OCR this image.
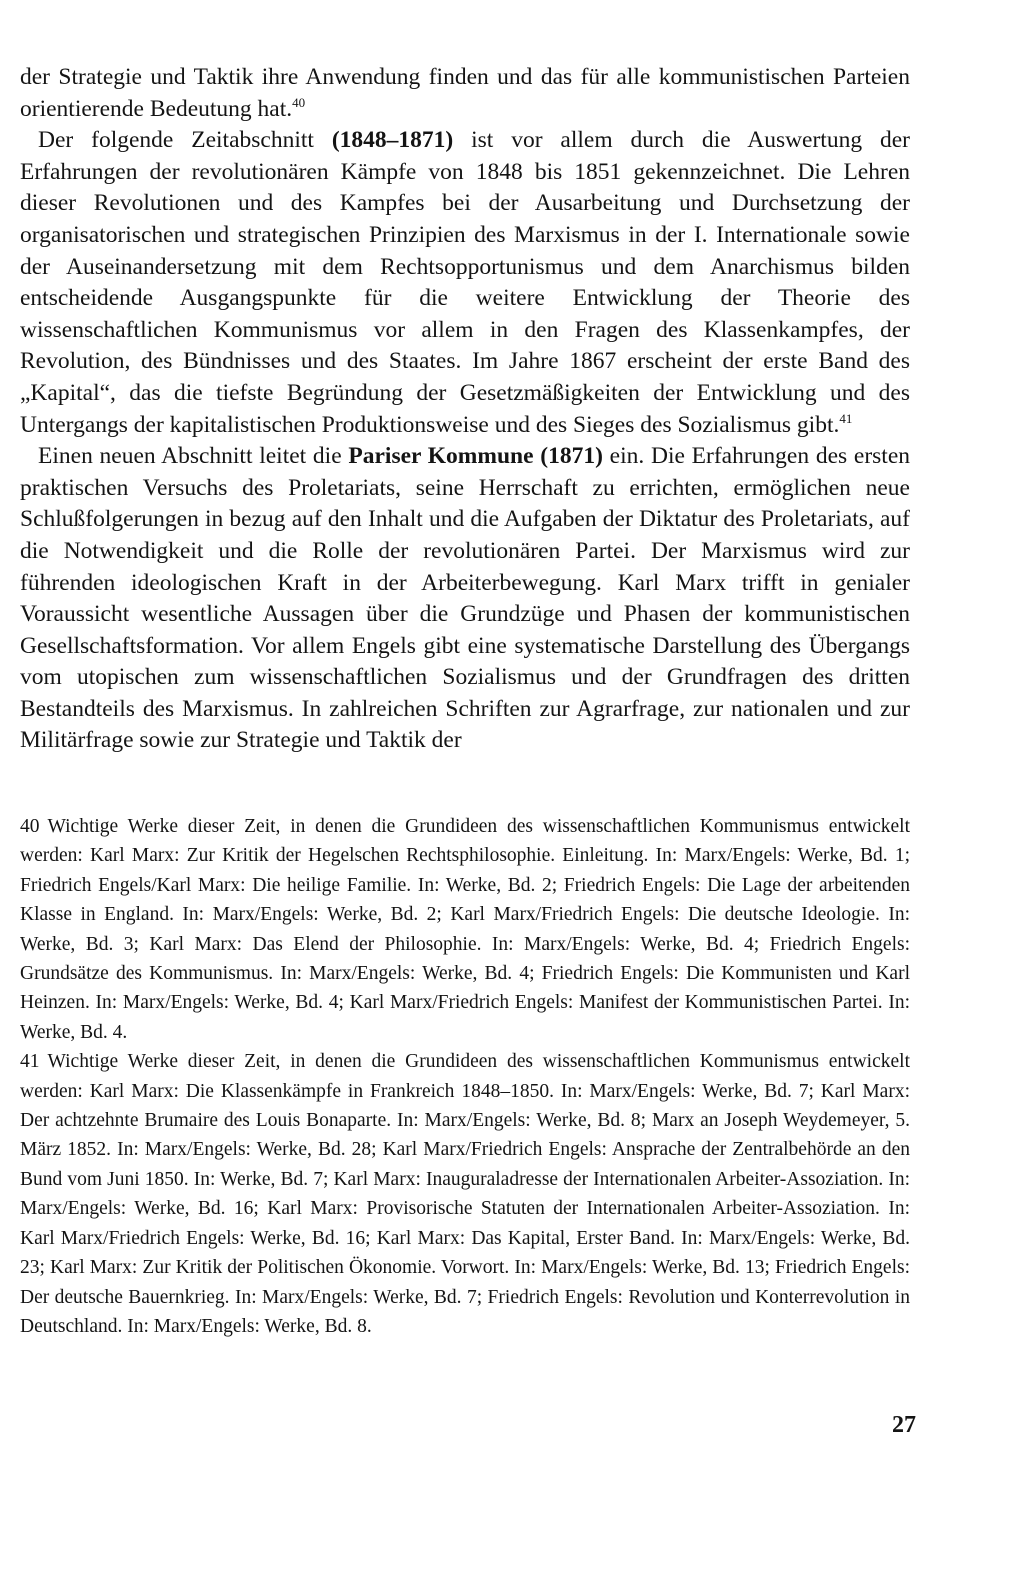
der Strategie und Taktik ihre Anwendung finden und das für alle kommunistischen Parteien orientierende Bedeutung hat.$^{40}$

Der folgende Zeitabschnitt (1848–1871) ist vor allem durch die Auswertung der Erfahrungen der revolutionären Kämpfe von 1848 bis 1851 gekennzeichnet. Die Lehren dieser Revolutionen und des Kampfes bei der Ausarbeitung und Durchsetzung der organisatorischen und strategischen Prinzipien des Marxismus in der I. Internationale sowie der Auseinandersetzung mit dem Rechtsopportunismus und dem Anarchismus bilden entscheidende Ausgangspunkte für die weitere Entwicklung der Theorie des wissenschaftlichen Kommunismus vor allem in den Fragen des Klassenkampfes, der Revolution, des Bündnisses und des Staates. Im Jahre 1867 erscheint der erste Band des „Kapital“, das die tiefste Begründung der Gesetzmäßigkeiten der Entwicklung und des Untergangs der kapitalistischen Produktionsweise und des Sieges des Sozialismus gibt.$^{41}$

Einen neuen Abschnitt leitet die Pariser Kommune (1871) ein. Die Erfahrungen des ersten praktischen Versuchs des Proletariats, seine Herrschaft zu errichten, ermöglichen neue Schlußfolgerungen in bezug auf den Inhalt und die Aufgaben der Diktatur des Proletariats, auf die Notwendigkeit und die Rolle der revolutionären Partei. Der Marxismus wird zur führenden ideologischen Kraft in der Arbeiterbewegung. Karl Marx trifft in genialer Voraussicht wesentliche Aussagen über die Grundzüge und Phasen der kommunistischen Gesellschaftsformation. Vor allem Engels gibt eine systematische Darstellung des Übergangs vom utopischen zum wissenschaftlichen Sozialismus und der Grundfragen des dritten Bestandteils des Marxismus. In zahlreichen Schriften zur Agrarfrage, zur nationalen und zur Militärfrage sowie zur Strategie und Taktik der

40 Wichtige Werke dieser Zeit, in denen die Grundideen des wissenschaftlichen Kommunismus entwickelt werden: Karl Marx: Zur Kritik der Hegelschen Rechtsphilosophie. Einleitung. In: Marx/Engels: Werke, Bd. 1; Friedrich Engels/Karl Marx: Die heilige Familie. In: Werke, Bd. 2; Friedrich Engels: Die Lage der arbeitenden Klasse in England. In: Marx/Engels: Werke, Bd. 2; Karl Marx/Friedrich Engels: Die deutsche Ideologie. In: Werke, Bd. 3; Karl Marx: Das Elend der Philosophie. In: Marx/Engels: Werke, Bd. 4; Friedrich Engels: Grundsätze des Kommunismus. In: Marx/Engels: Werke, Bd. 4; Friedrich Engels: Die Kommunisten und Karl Heinzen. In: Marx/Engels: Werke, Bd. 4; Karl Marx/Friedrich Engels: Manifest der Kommunistischen Partei. In: Werke, Bd. 4.

41 Wichtige Werke dieser Zeit, in denen die Grundideen des wissenschaftlichen Kommunismus entwickelt werden: Karl Marx: Die Klassenkämpfe in Frankreich 1848–1850. In: Marx/Engels: Werke, Bd. 7; Karl Marx: Der achtzehnte Brumaire des Louis Bonaparte. In: Marx/Engels: Werke, Bd. 8; Marx an Joseph Weydemeyer, 5. März 1852. In: Marx/Engels: Werke, Bd. 28; Karl Marx/Friedrich Engels: Ansprache der Zentralbehörde an den Bund vom Juni 1850. In: Werke, Bd. 7; Karl Marx: Inauguraladresse der Internationalen Arbeiter-Assoziation. In: Marx/Engels: Werke, Bd. 16; Karl Marx: Provisorische Statuten der Internationalen Arbeiter-Assoziation. In: Karl Marx/Friedrich Engels: Werke, Bd. 16; Karl Marx: Das Kapital, Erster Band. In: Marx/Engels: Werke, Bd. 23; Karl Marx: Zur Kritik der Politischen Ökonomie. Vorwort. In: Marx/Engels: Werke, Bd. 13; Friedrich Engels: Der deutsche Bauernkrieg. In: Marx/Engels: Werke, Bd. 7; Friedrich Engels: Revolution und Konterrevolution in Deutschland. In: Marx/Engels: Werke, Bd. 8.

27
